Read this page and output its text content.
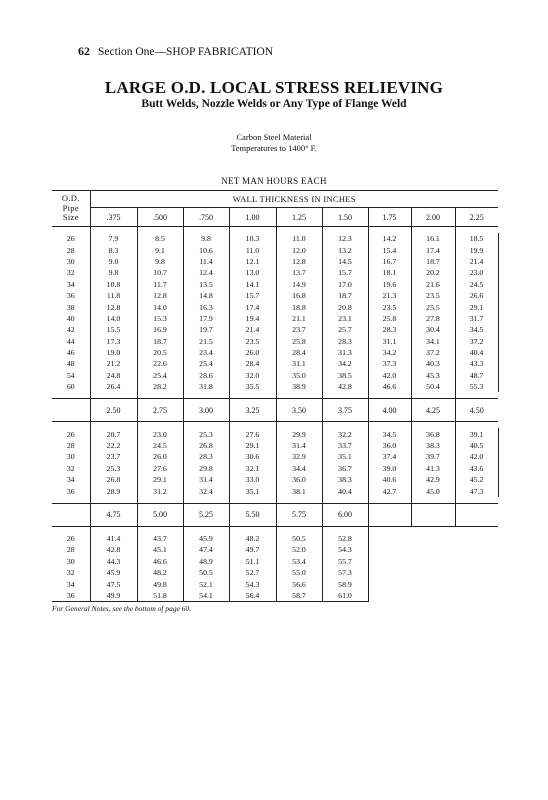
62 Section One—SHOP FABRICATION
LARGE O.D. LOCAL STRESS RELIEVING
Butt Welds, Nozzle Welds or Any Type of Flange Weld
Carbon Steel Material
Temperatures to 1400° F.
NET MAN HOURS EACH
O.D.
Pipe
Size	WALL THICKNESS IN INCHES								
	.375	.500	.750	1.00	1.25	1.50	1.75	2.00	2.25

26	7.9	8.5	9.8	10.3	11.0	12.3	14.2	16.1	18.5
28	8.3	9.1	10.6	11.0	12.0	13.2	15.4	17.4	19.9
30	9.0	9.8	11.4	12.1	12.8	14.5	16.7	18.7	21.4
32	9.8	10.7	12.4	13.0	13.7	15.7	18.1	20.2	23.0
34	10.8	11.7	13.5	14.1	14.9	17.0	19.6	21.6	24.5
36	11.8	12.8	14.8	15.7	16.8	18.7	21.3	23.5	26.6
38	12.8	14.0	16.3	17.4	18.8	20.8	23.5	25.5	29.1
40	14.0	15.3	17.9	19.4	21.1	23.1	25.8	27.8	31.7
42	15.5	16.9	19.7	21.4	23.7	25.7	28.3	30.4	34.5
44	17.3	18.7	21.5	23.5	25.8	28.3	31.1	34.1	37.2
46	19.0	20.5	23.4	26.0	28.4	31.3	34.2	37.2	40.4
48	21.2	22.6	25.4	28.4	31.1	34.2	37.3	40.3	43.3
54	24.8	25.4	28.6	32.0	35.0	38.5	42.0	45.3	48.7
60	26.4	28.2	31.8	35.5	38.9	42.8	46.6	50.4	55.3

	2.50	2.75	3.00	3.25	3.50	3.75	4.00	4.25	4.50

26	20.7	23.0	25.3	27.6	29.9	32.2	34.5	36.8	39.1
28	22.2	24.5	26.8	29.1	31.4	33.7	36.0	38.3	40.5
30	23.7	26.0	28.3	30.6	32.9	35.1	37.4	39.7	42.0
32	25.3	27.6	29.8	32.1	34.4	36.7	39.0	41.3	43.6
34	26.8	29.1	31.4	33.0	36.0	38.3	40.6	42.9	45.2
36	28.9	31.2	32.4	35.1	38.1	40.4	42.7	45.0	47.3

	4.75	5.00	5.25	5.50	5.75	6.00			

26	41.4	43.7	45.9	48.2	50.5	52.8			
28	42.8	45.1	47.4	49.7	52.0	54.3			
30	44.3	46.6	48.9	51.1	53.4	55.7			
32	45.9	48.2	50.5	52.7	55.0	57.3			
34	47.5	49.8	52.1	54.3	56.6	58.9			
36	49.9	51.8	54.1	56.4	58.7	61.0			
For General Notes, see the bottom of page 60.
